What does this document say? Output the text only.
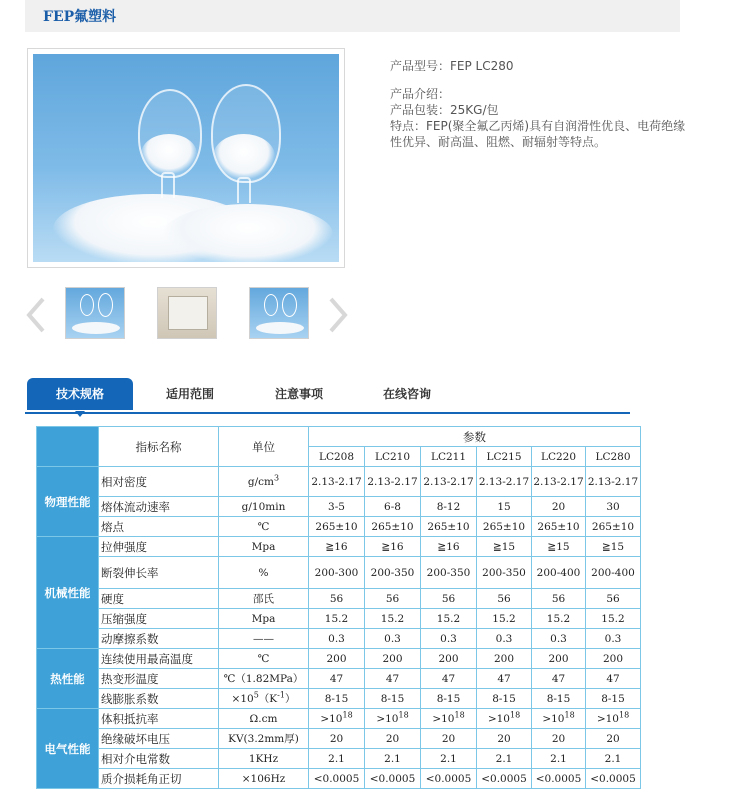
FEP氟塑料

产品型号：FEP LC280

产品介绍：

产品包装：25KG/包

特点：FEP(聚全氟乙丙烯)具有自润滑性优良、电荷绝缘性优异、耐高温、阻燃、耐辐射等特点。

技术规格	适用范围	注意事项	在线咨询
	指标名称	单位	参数					
			LC208	LC210	LC211	LC215	LC220	LC280
物理性能	相对密度	$g/cm^3$	2.13-2.17	2.13-2.17	2.13-2.17	2.13-2.17	2.13-2.17	2.13-2.17
	熔体流动速率	g/10min	3-5	6-8	8-12	15	20	30
	熔点	℃	265±10	265±10	265±10	265±10	265±10	265±10
机械性能	拉伸强度	Mpa	≧16	≧16	≧16	≧15	≧15	≧15

	断裂伸长率	%	200-300	200-350	200-350	200-350	200-400	200-400
	硬度	邵氏	56	56	56	56	56	56
	压缩强度	Mpa	15.2	15.2	15.2	15.2	15.2	15.2
	动摩擦系数	——	0.3	0.3	0.3	0.3	0.3	0.3
热性能	连续使用最高温度	℃	200	200	200	200	200	200
	热变形温度	℃（1.82MPa）	47	47	47	47	47	47
	线膨胀系数	$\times 10^5(K^{-1})$	8-15	8-15	8-15	8-15	8-15	8-15
电气性能	体积抵抗率	Ω.cm	$>10^{18}$	$>10^{18}$	$>10^{18}$	$>10^{18}$	$>10^{18}$	$>10^{18}$
	绝缘破坏电压	KV(3.2mm厚)	20	20	20	20	20	20
	相对介电常数	1KHz	2.1	2.1	2.1	2.1	2.1	2.1
	质介损耗角正切	×106Hz	<0.0005	<0.0005	<0.0005	<0.0005	<0.0005	<0.0005
